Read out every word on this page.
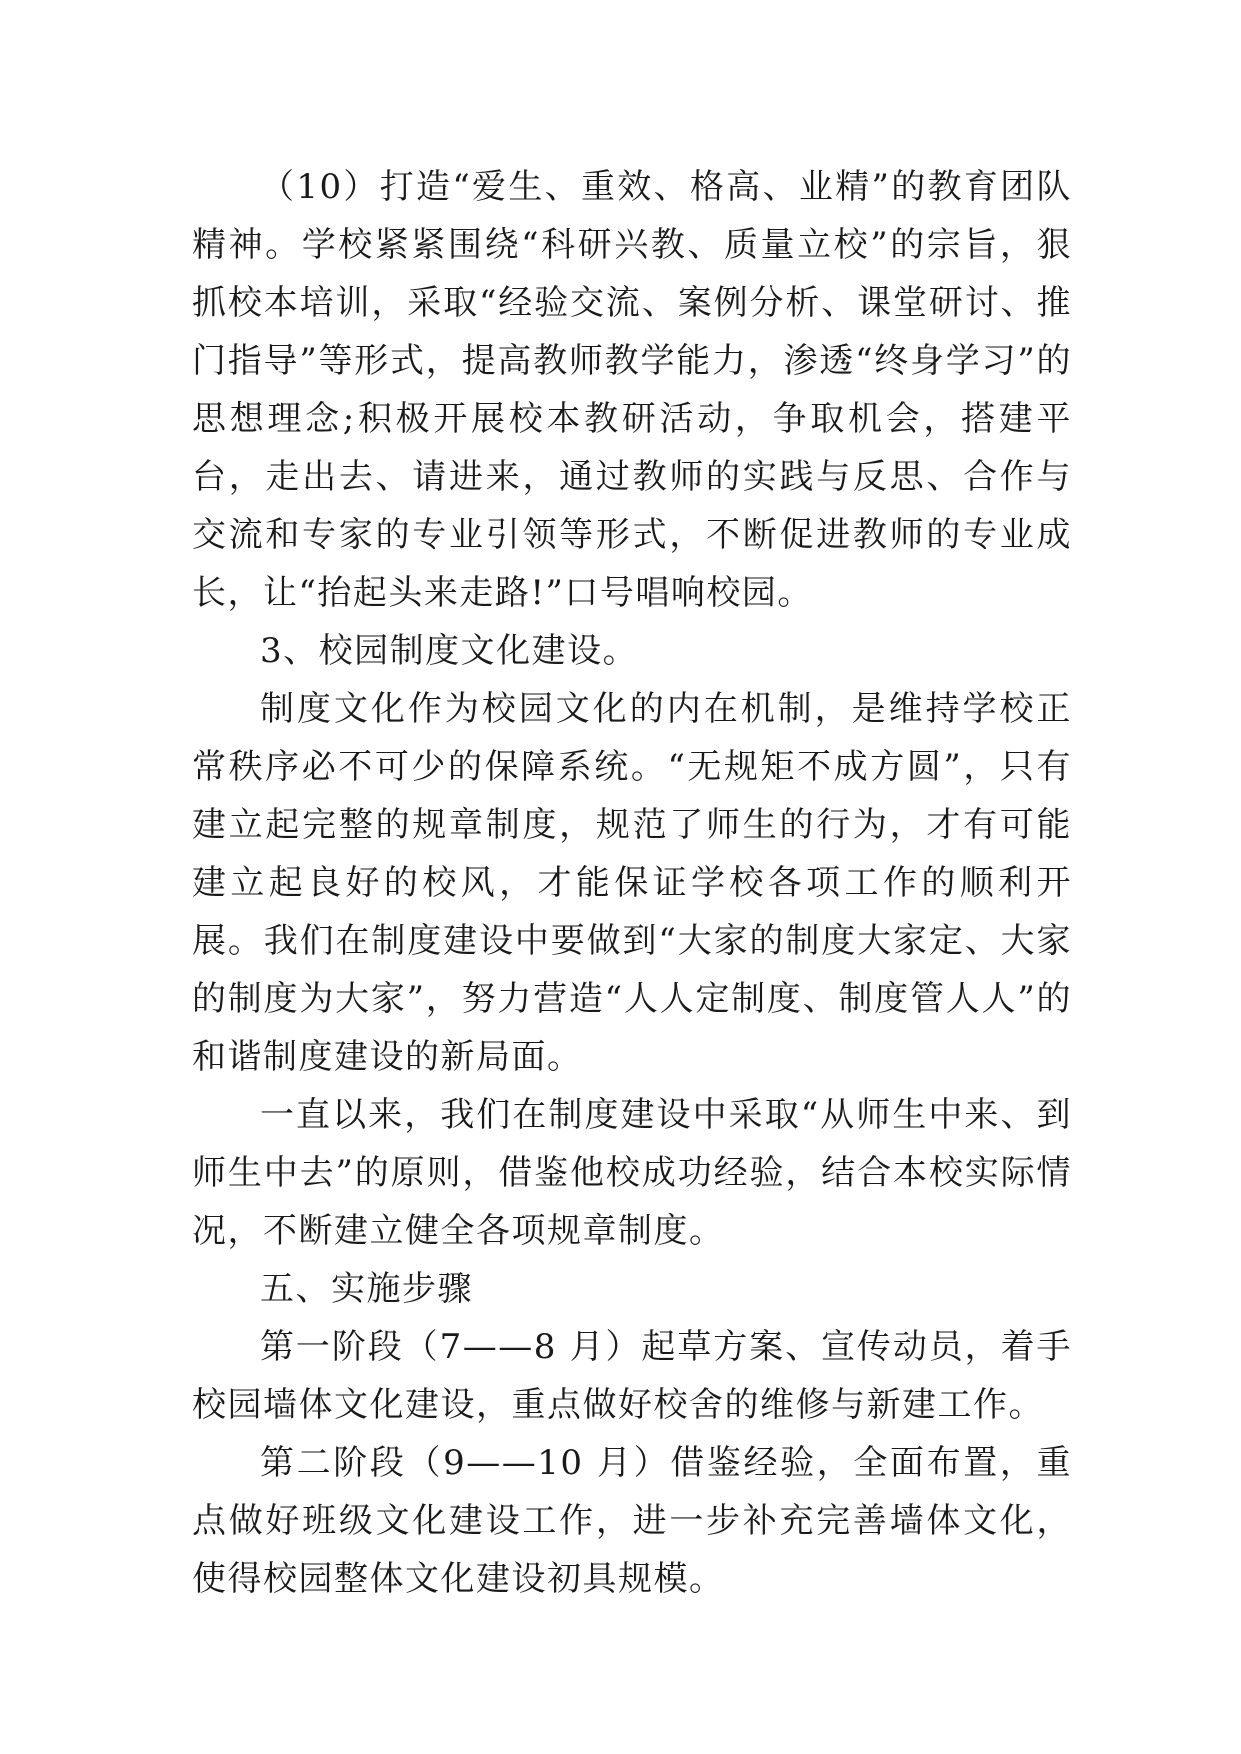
（10）打造“爱生、重效、格高、业精”的教育团队精神。学校紧紧围绕“科研兴教、质量立校”的宗旨，狠抓校本培训，采取“经验交流、案例分析、课堂研讨、推门指导”等形式，提高教师教学能力，渗透“终身学习”的思想理念;积极开展校本教研活动，争取机会，搭建平台，走出去、请进来，通过教师的实践与反思、合作与交流和专家的专业引领等形式，不断促进教师的专业成长，让“抬起头来走路!”口号唱响校园。

3、校园制度文化建设。

制度文化作为校园文化的内在机制，是维持学校正常秩序必不可少的保障系统。“无规矩不成方圆”，只有建立起完整的规章制度，规范了师生的行为，才有可能建立起良好的校风，才能保证学校各项工作的顺利开展。我们在制度建设中要做到“大家的制度大家定、大家的制度为大家”，努力营造“人人定制度、制度管人人”的和谐制度建设的新局面。

一直以来，我们在制度建设中采取“从师生中来、到师生中去”的原则，借鉴他校成功经验，结合本校实际情况，不断建立健全各项规章制度。

五、实施步骤

第一阶段（7——8 月）起草方案、宣传动员，着手校园墙体文化建设，重点做好校舍的维修与新建工作。

第二阶段（9——10 月）借鉴经验，全面布置，重点做好班级文化建设工作，进一步补充完善墙体文化，使得校园整体文化建设初具规模。
